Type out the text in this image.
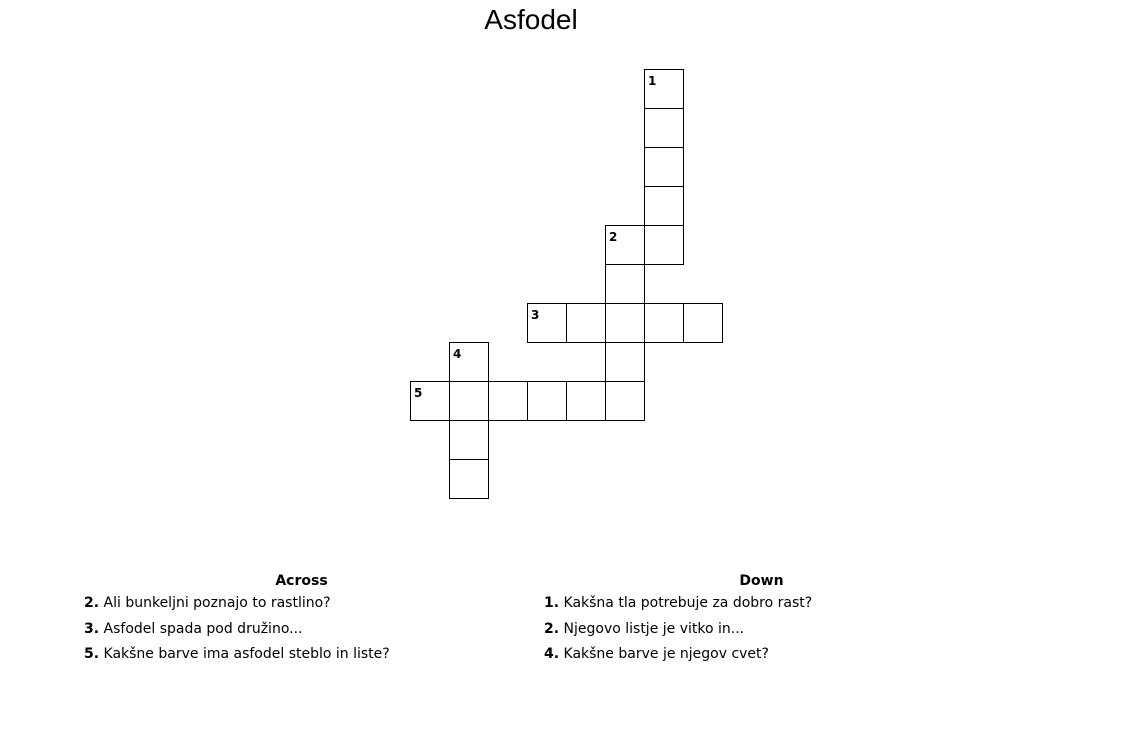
Asfodel
1
2
3
4
5
Across
2. Ali bunkeljni poznajo to rastlino?
3. Asfodel spada pod družino...
5. Kakšne barve ima asfodel steblo in liste?
Down
1. Kakšna tla potrebuje za dobro rast?
2. Njegovo listje je vitko in...
4. Kakšne barve je njegov cvet?
